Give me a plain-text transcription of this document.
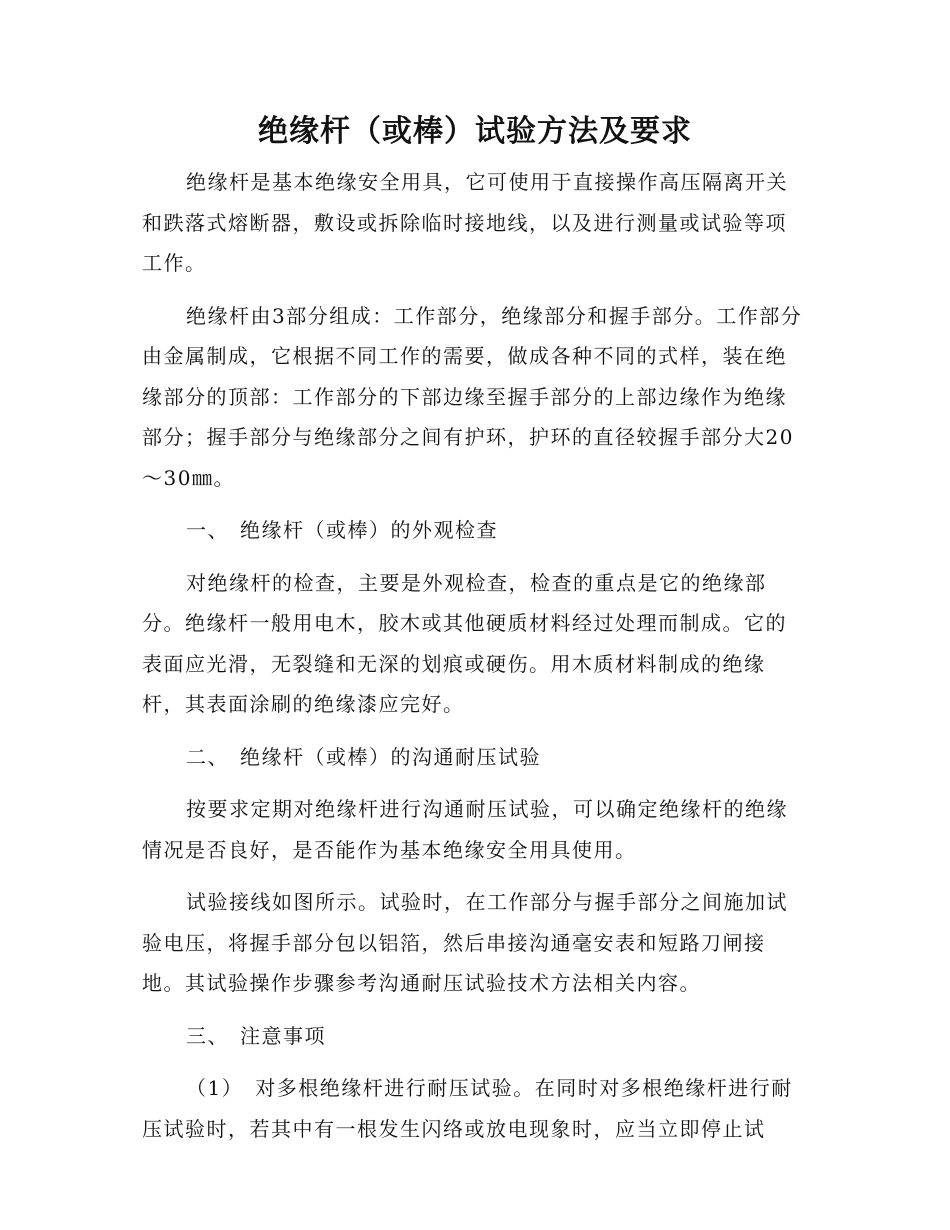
绝缘杆（或棒）试验方法及要求

绝缘杆是基本绝缘安全用具，它可使用于直接操作高压隔离开关和跌落式熔断器，敷设或拆除临时接地线，以及进行测量或试验等项工作。

绝缘杆由3部分组成：工作部分，绝缘部分和握手部分。工作部分由金属制成，它根据不同工作的需要，做成各种不同的式样，装在绝缘部分的顶部：工作部分的下部边缘至握手部分的上部边缘作为绝缘部分；握手部分与绝缘部分之间有护环，护环的直径较握手部分大20～30㎜。

一、 绝缘杆（或棒）的外观检查

对绝缘杆的检查，主要是外观检查，检查的重点是它的绝缘部分。绝缘杆一般用电木，胶木或其他硬质材料经过处理而制成。它的表面应光滑，无裂缝和无深的划痕或硬伤。用木质材料制成的绝缘杆，其表面涂刷的绝缘漆应完好。

二、 绝缘杆（或棒）的沟通耐压试验

按要求定期对绝缘杆进行沟通耐压试验，可以确定绝缘杆的绝缘情况是否良好，是否能作为基本绝缘安全用具使用。

试验接线如图所示。试验时，在工作部分与握手部分之间施加试验电压，将握手部分包以铝箔，然后串接沟通毫安表和短路刀闸接地。其试验操作步骤参考沟通耐压试验技术方法相关内容。

三、 注意事项

（1） 对多根绝缘杆进行耐压试验。在同时对多根绝缘杆进行耐压试验时，若其中有一根发生闪络或放电现象时，应当立即停止试
